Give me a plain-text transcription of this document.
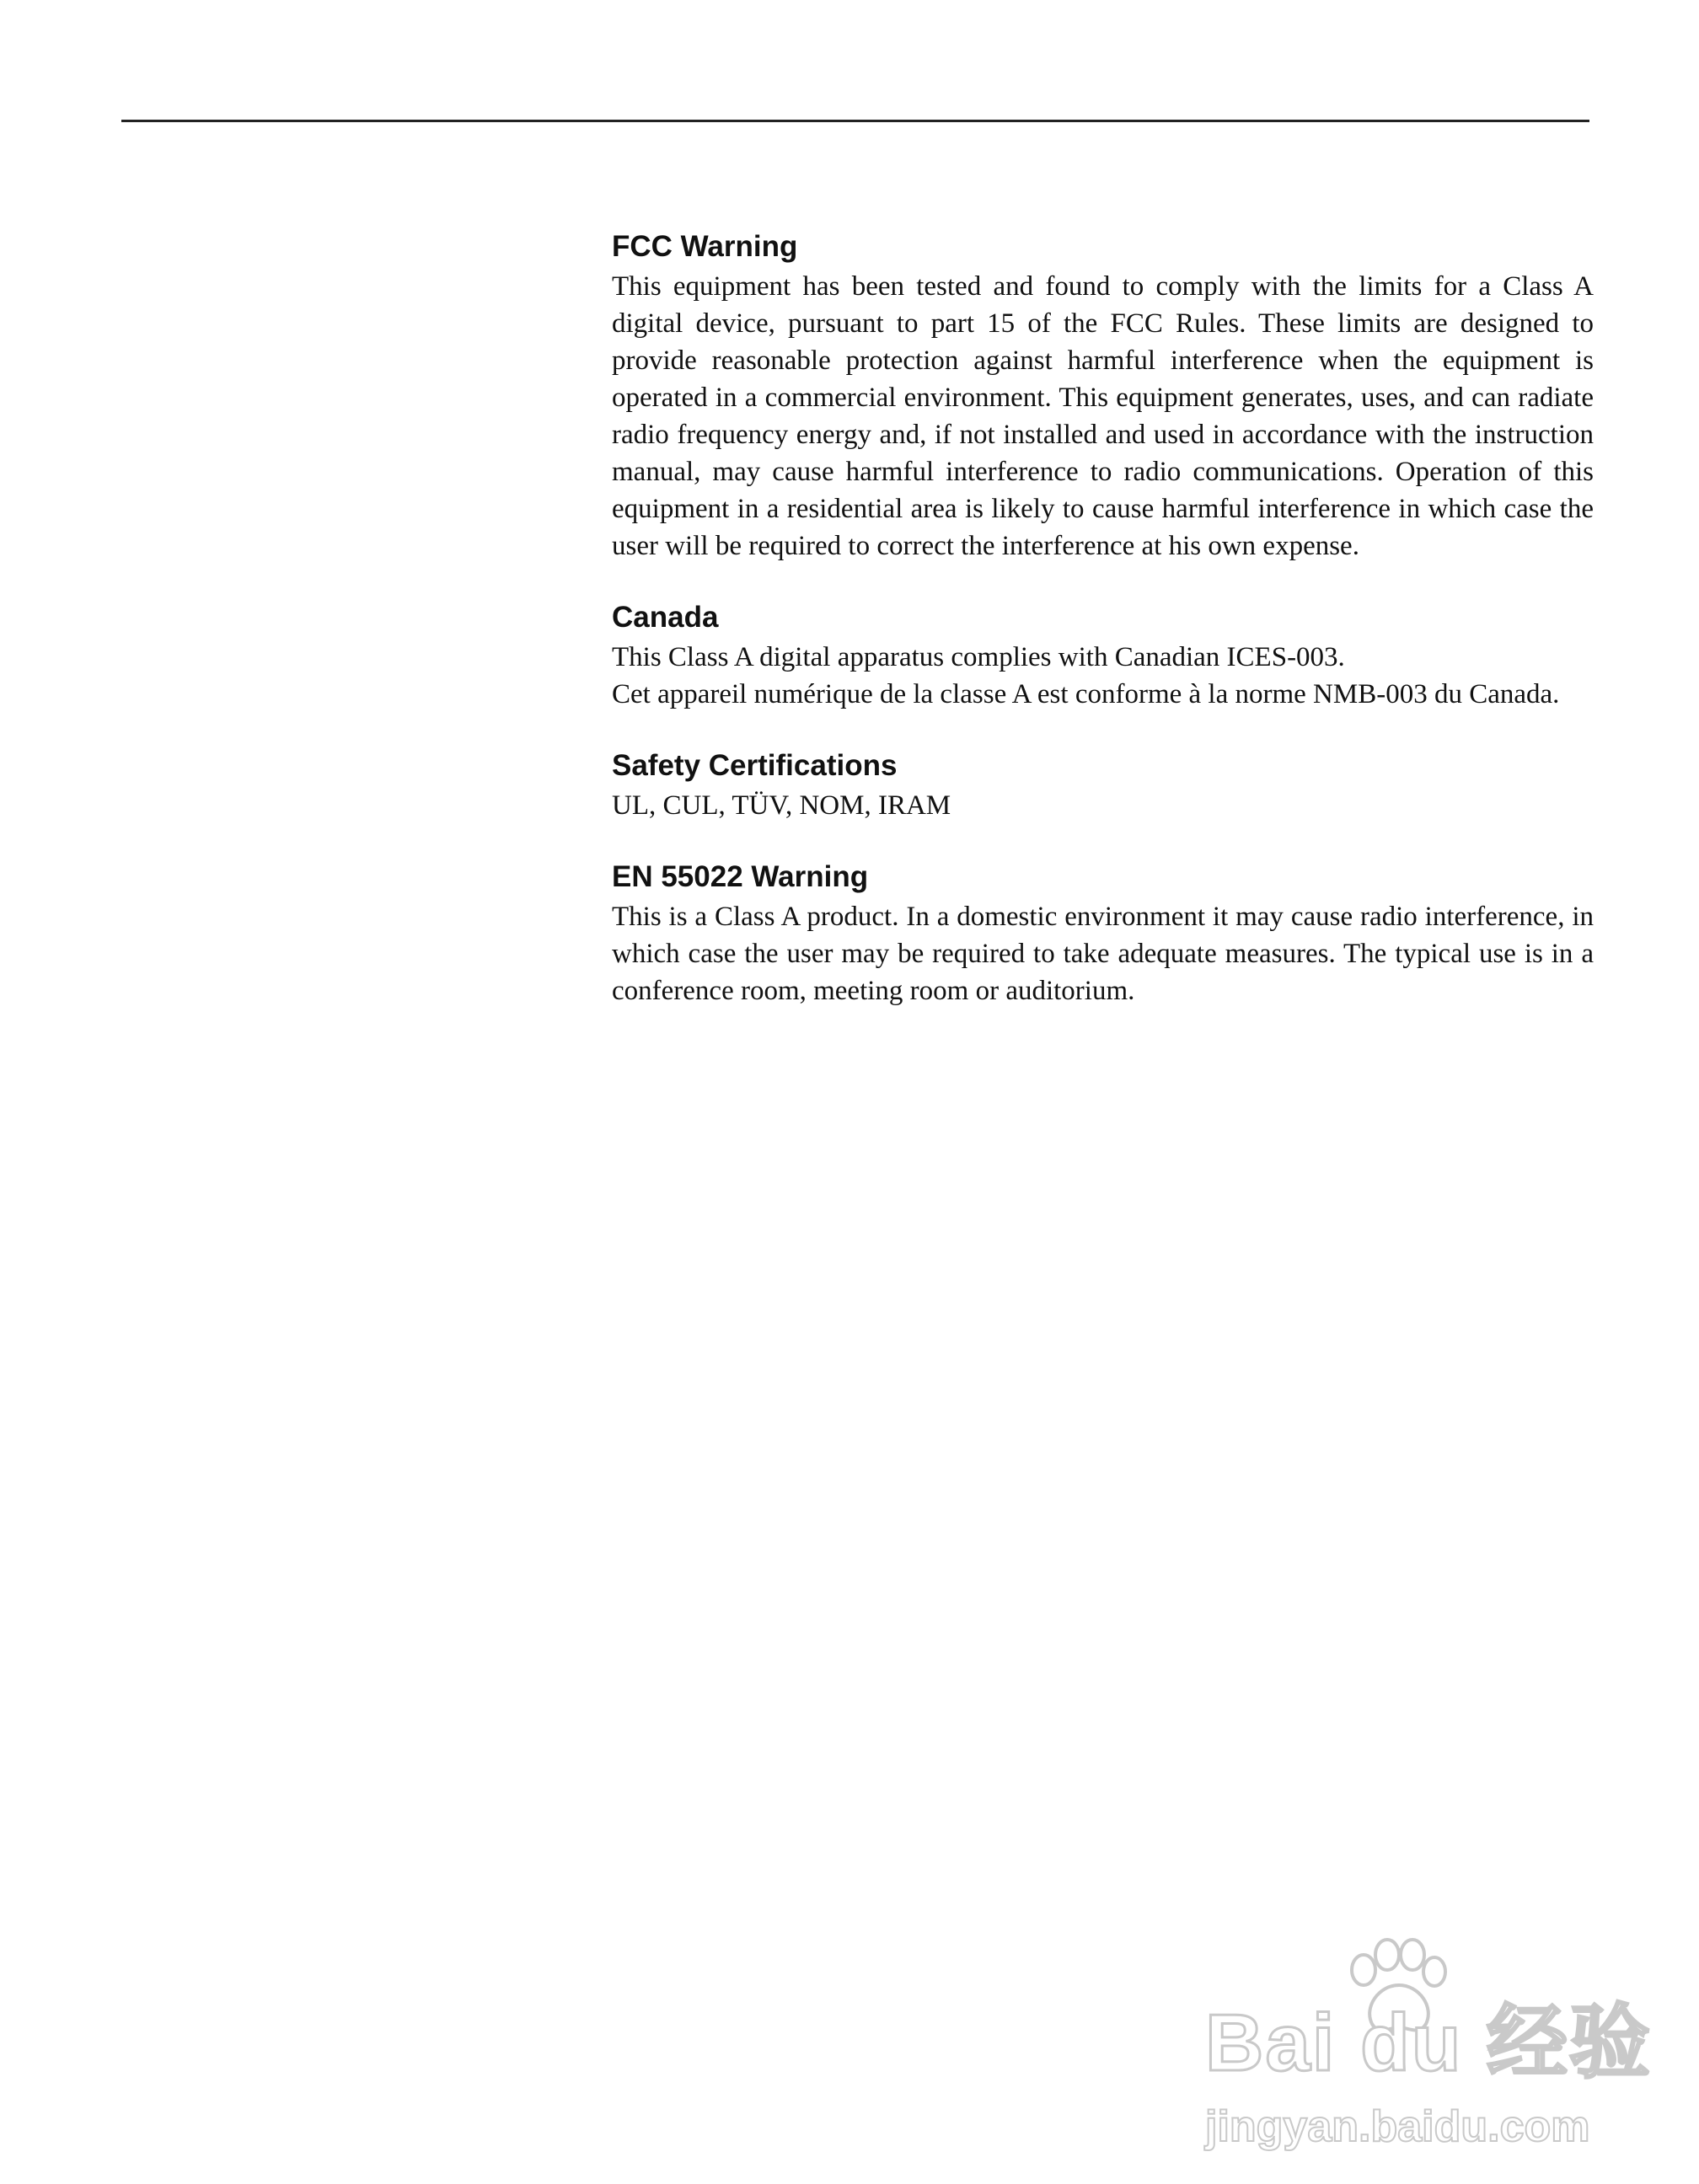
FCC Warning

This equipment has been tested and found to comply with the limits for a Class A digital device, pursuant to part 15 of the FCC Rules. These limits are designed to provide reasonable protection against harmful interference when the equipment is operated in a commercial environment. This equipment generates, uses, and can radiate radio frequency energy and, if not installed and used in accordance with the instruction manual, may cause harmful interference to radio communications. Operation of this equipment in a residential area is likely to cause harmful interference in which case the user will be required to correct the interference at his own expense.

Canada

This Class A digital apparatus complies with Canadian ICES-003.

Cet appareil numérique de la classe A est conforme à la norme NMB-003 du Canada.

Safety Certifications

UL, CUL, TÜV, NOM, IRAM

EN 55022 Warning

This is a Class A product. In a domestic environment it may cause radio interference, in which case the user may be required to take adequate measures. The typical use is in a conference room, meeting room or auditorium.

Bai du 经验
jingyan.baidu.com
